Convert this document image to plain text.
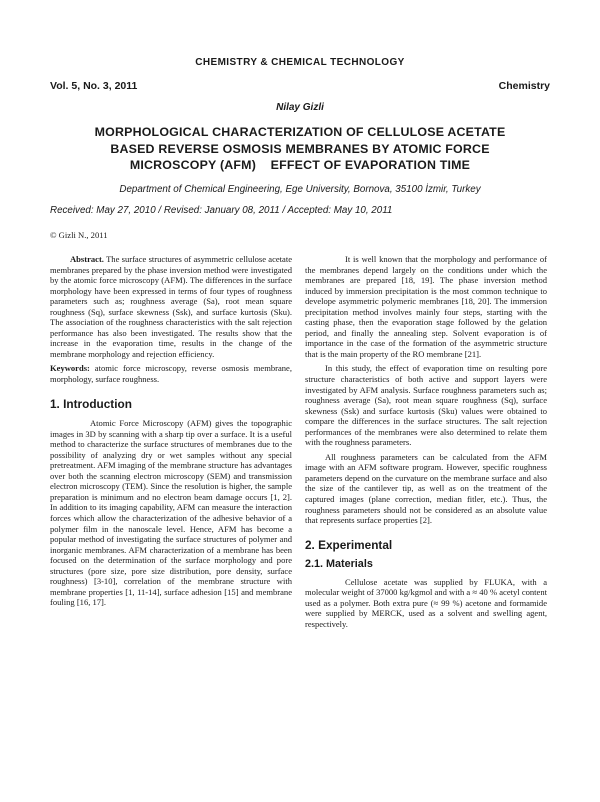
CHEMISTRY & CHEMICAL TECHNOLOGY
Vol. 5, No. 3, 2011	Chemistry
Nilay Gizli
MORPHOLOGICAL CHARACTERIZATION OF CELLULOSE ACETATE
BASED REVERSE OSMOSIS MEMBRANES BY ATOMIC FORCE
MICROSCOPY (AFM)    EFFECT OF EVAPORATION TIME
Department of Chemical Engineering, Ege University, Bornova, 35100 İzmir, Turkey
Received: May 27, 2010 / Revised: January 08, 2011 / Accepted: May 10, 2011
© Gizli N., 2011

Abstract. The surface structures of asymmetric cellulose acetate membranes prepared by the phase inversion method were investigated by the atomic force microscopy (AFM). The differences in the surface morphology have been expressed in terms of four types of roughness parameters such as; roughness average (Sa), root mean square roughness (Sq), surface skewness (Ssk), and surface kurtosis (Sku). The association of the roughness characteristics with the salt rejection performance has also been investigated. The results show that the increase in the evaporation time, results in the change of the membrane morphology and rejection efficiency.

Keywords: atomic force microscopy, reverse osmosis membrane, morphology, surface roughness.

1. Introduction

Atomic Force Microscopy (AFM) gives the topographic images in 3D by scanning with a sharp tip over a surface. It is a useful method to characterize the surface structures of membranes due to the possibility of analyzing dry or wet samples without any special pretreatment. AFM imaging of the membrane structure has advantages over both the scanning electron microscopy (SEM) and transmission electron microscopy (TEM). Since the resolution is higher, the sample preparation is minimum and no electron beam damage occurs [1, 2]. In addition to its imaging capability, AFM can measure the interaction forces which allow the characterization of the adhesive behavior of a polymer film in the nanoscale level. Hence, AFM has become a popular method of investigating the surface structures of polymer and inorganic membranes. AFM characterization of a membrane has been focused on the determination of the surface morphology and pore structures (pore size, pore size distribution, pore density, surface roughness) [3-10], correlation of the membrane structure with membrane properties [1, 11-14], surface adhesion [15] and membrane fouling [16, 17].

It is well known that the morphology and performance of the membranes depend largely on the conditions under which the membranes are prepared [18, 19]. The phase inversion method induced by immersion precipitation is the most common technique to develope asymmetric polymeric membranes [18, 20]. The immersion precipitation method involves mainly four steps, starting with the casting phase, then the evaporation stage followed by the gelation period, and finally the annealing step. Solvent evaporation is of importance in the case of the formation of the asymmetric structure that is the main property of the RO membrane [21].

In this study, the effect of evaporation time on resulting pore structure characteristics of both active and support layers were investigated by AFM analysis. Surface roughness parameters such as; roughness average (Sa), root mean square roughness (Sq), surface skewness (Ssk) and surface kurtosis (Sku) values were obtained to compare the differences in the surface structures. The salt rejection performances of the membranes were also determined to relate them with the roughness parameters.

All roughness parameters can be calculated from the AFM image with an AFM software program. However, specific roughness parameters depend on the curvature on the membrane surface and also the size of the cantilever tip, as well as on the treatment of the captured images (plane correction, median fitler, etc.). Thus, the roughness parameters should not be considered as an absolute value that represents surface properties [2].

2. Experimental

2.1. Materials

Cellulose acetate was supplied by FLUKA, with a molecular weight of 37000 kg/kgmol and with a ≈ 40 % acetyl content used as a polymer. Both extra pure (≈ 99 %) acetone and formamide were supplied by MERCK, used as a solvent and swelling agent, respectively.
